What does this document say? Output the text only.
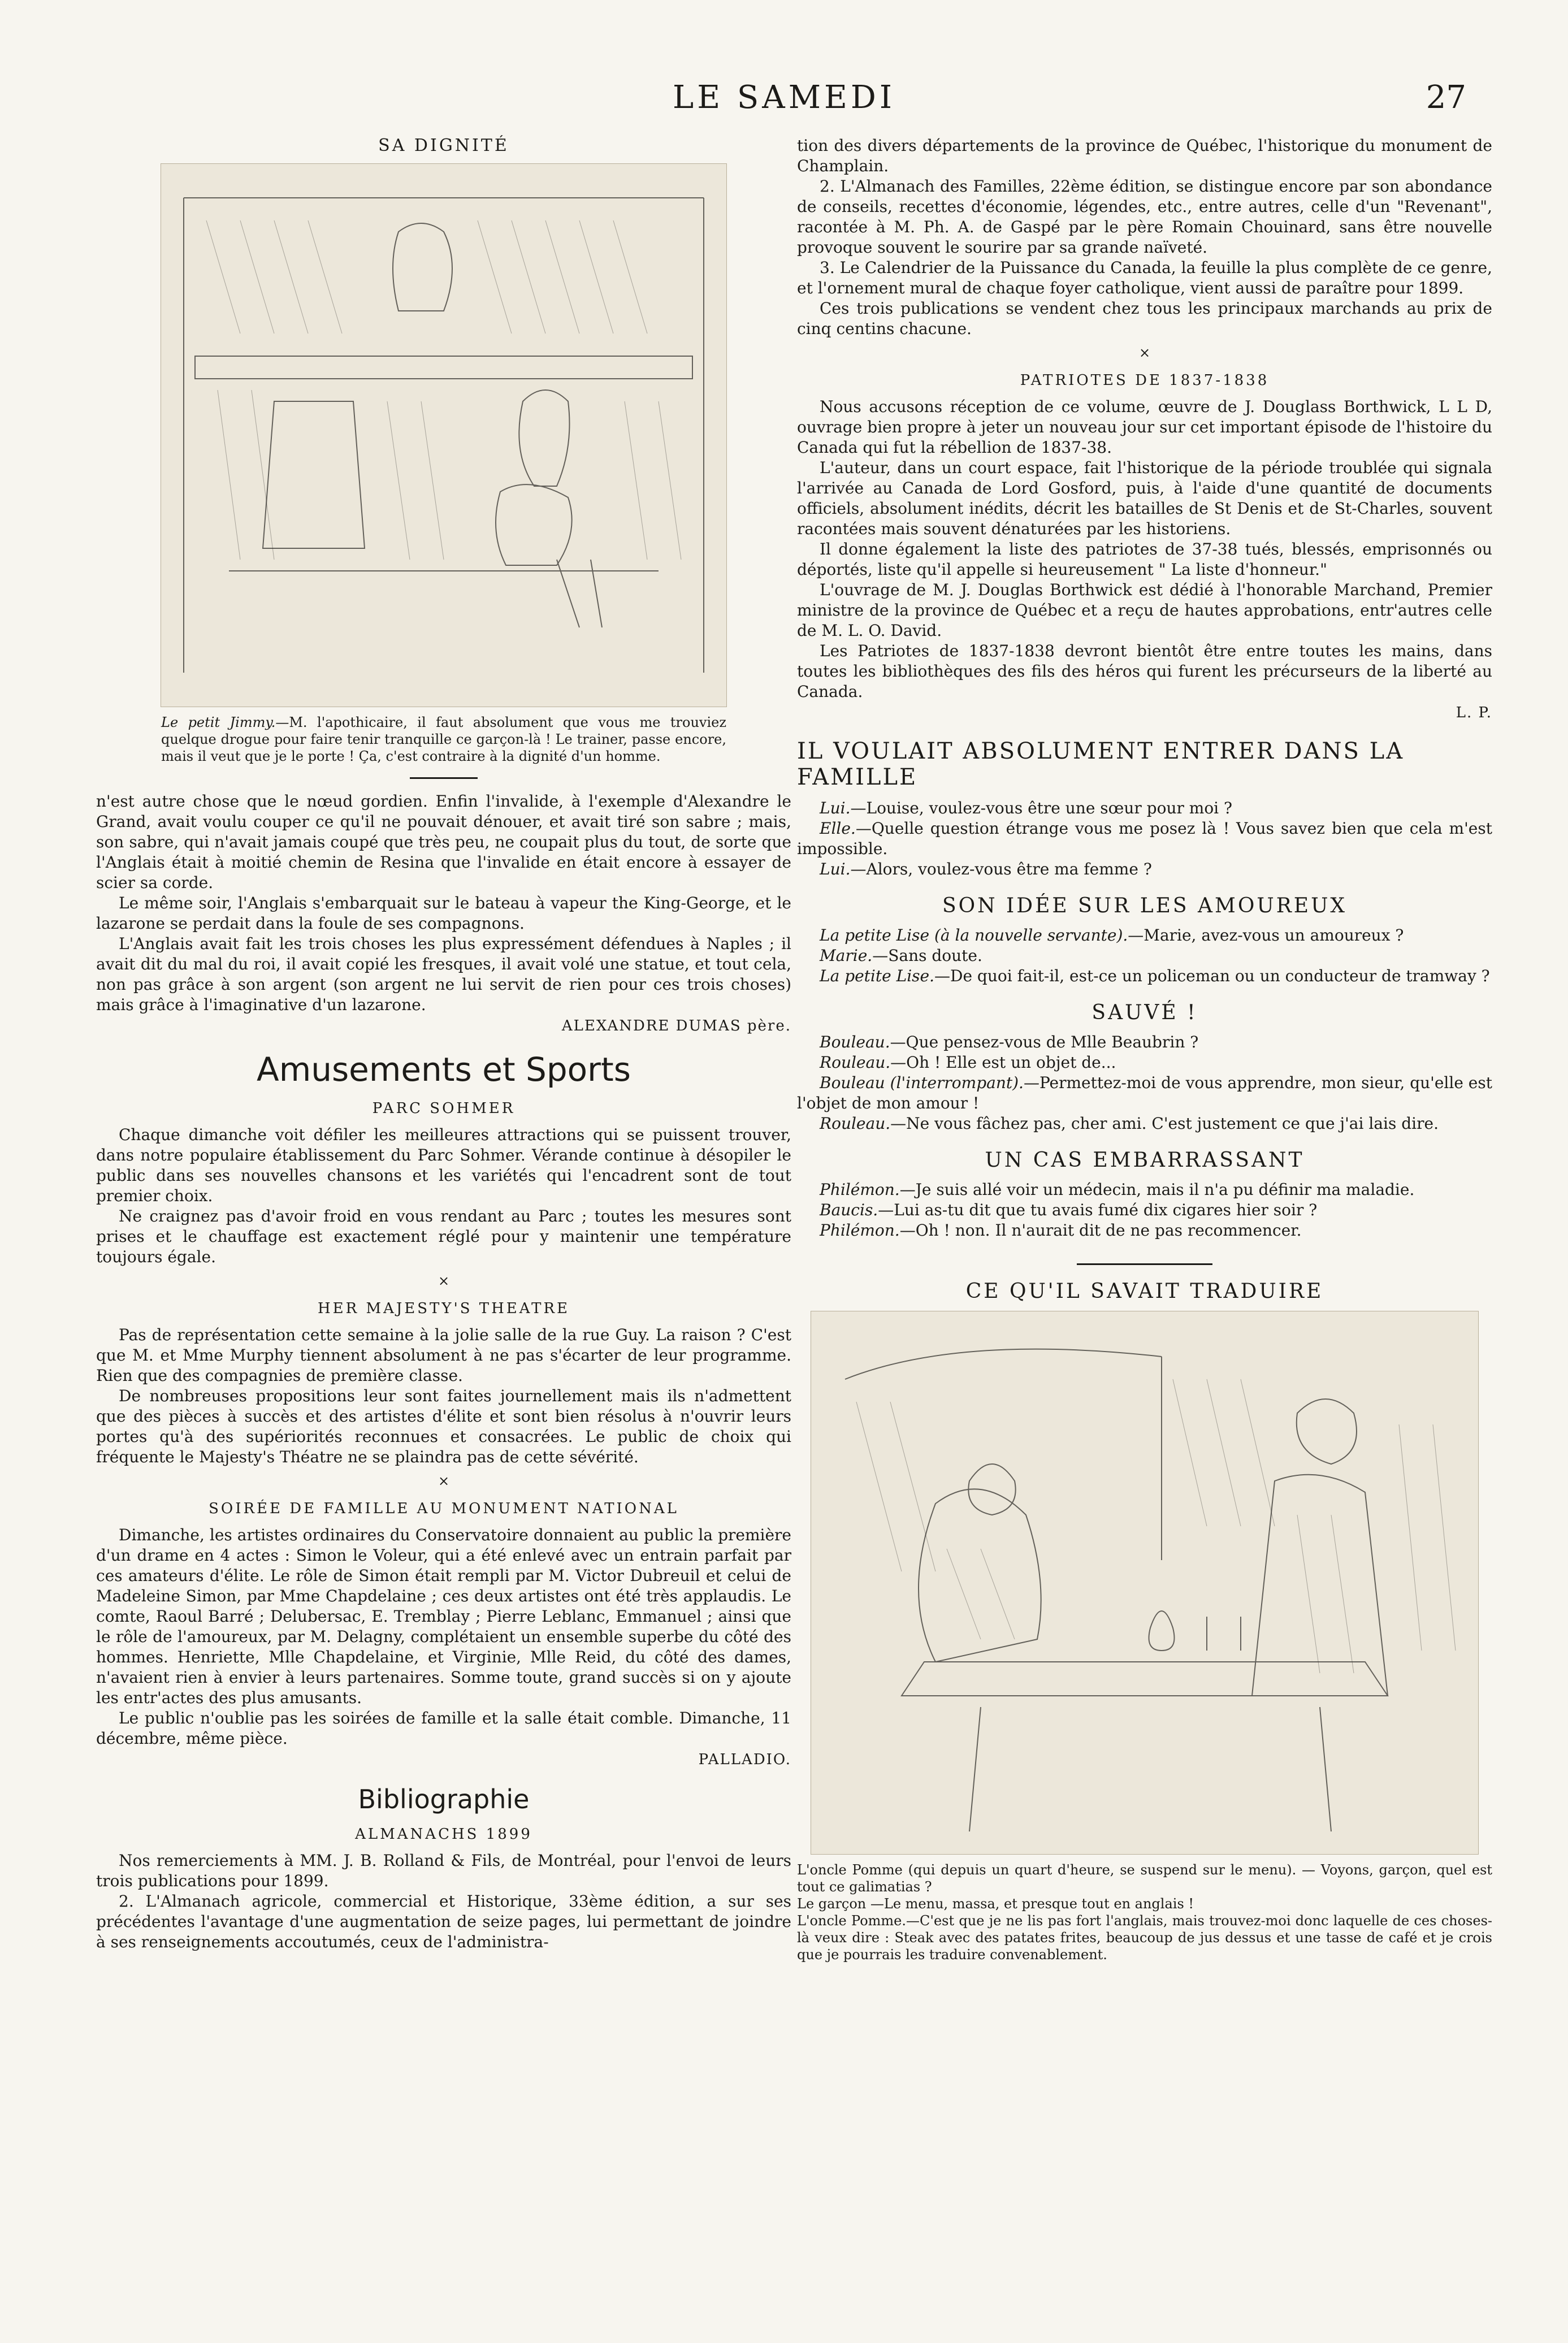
LE SAMEDI	27
SA DIGNITÉ
Le petit Jimmy.—M. l'apothicaire, il faut absolument que vous me trouviez quelque drogue pour faire tenir tranquille ce garçon-là ! Le trainer, passe encore, mais il veut que je le porte ! Ça, c'est contraire à la dignité d'un homme.

n'est autre chose que le nœud gordien. Enfin l'invalide, à l'exemple d'Alexandre le Grand, avait voulu couper ce qu'il ne pouvait dénouer, et avait tiré son sabre ; mais, son sabre, qui n'avait jamais coupé que très peu, ne coupait plus du tout, de sorte que l'Anglais était à moitié chemin de Resina que l'invalide en était encore à essayer de scier sa corde.

Le même soir, l'Anglais s'embarquait sur le bateau à vapeur the King-George, et le lazarone se perdait dans la foule de ses compagnons.

L'Anglais avait fait les trois choses les plus expressément défendues à Naples ; il avait dit du mal du roi, il avait copié les fresques, il avait volé une statue, et tout cela, non pas grâce à son argent (son argent ne lui servit de rien pour ces trois choses) mais grâce à l'imaginative d'un lazarone.

ALEXANDRE DUMAS père.
Amusements et Sports
PARC SOHMER

Chaque dimanche voit défiler les meilleures attractions qui se puissent trouver, dans notre populaire établissement du Parc Sohmer. Vérande continue à désopiler le public dans ses nouvelles chansons et les variétés qui l'encadrent sont de tout premier choix.

Ne craignez pas d'avoir froid en vous rendant au Parc ; toutes les mesures sont prises et le chauffage est exactement réglé pour y maintenir une température toujours égale.

×
HER MAJESTY'S THEATRE

Pas de représentation cette semaine à la jolie salle de la rue Guy. La raison ? C'est que M. et Mme Murphy tiennent absolument à ne pas s'écarter de leur programme. Rien que des compagnies de première classe.

De nombreuses propositions leur sont faites journellement mais ils n'admettent que des pièces à succès et des artistes d'élite et sont bien résolus à n'ouvrir leurs portes qu'à des supériorités reconnues et consacrées. Le public de choix qui fréquente le Majesty's Théatre ne se plaindra pas de cette sévérité.

×
SOIRÉE DE FAMILLE AU MONUMENT NATIONAL

Dimanche, les artistes ordinaires du Conservatoire donnaient au public la première d'un drame en 4 actes : Simon le Voleur, qui a été enlevé avec un entrain parfait par ces amateurs d'élite. Le rôle de Simon était rempli par M. Victor Dubreuil et celui de Madeleine Simon, par Mme Chapdelaine ; ces deux artistes ont été très applaudis. Le comte, Raoul Barré ; Delubersac, E. Tremblay ; Pierre Leblanc, Emmanuel ; ainsi que le rôle de l'amoureux, par M. Delagny, complétaient un ensemble superbe du côté des hommes. Henriette, Mlle Chapdelaine, et Virginie, Mlle Reid, du côté des dames, n'avaient rien à envier à leurs partenaires. Somme toute, grand succès si on y ajoute les entr'actes des plus amusants.

Le public n'oublie pas les soirées de famille et la salle était comble. Dimanche, 11 décembre, même pièce.

PALLADIO.
Bibliographie
ALMANACHS 1899

Nos remerciements à MM. J. B. Rolland & Fils, de Montréal, pour l'envoi de leurs trois publications pour 1899.

2. L'Almanach agricole, commercial et Historique, 33ème édition, a sur ses précédentes l'avantage d'une augmentation de seize pages, lui permettant de joindre à ses renseignements accoutumés, ceux de l'administra-

tion des divers départements de la province de Québec, l'historique du monument de Champlain.

2. L'Almanach des Familles, 22ème édition, se distingue encore par son abondance de conseils, recettes d'économie, légendes, etc., entre autres, celle d'un "Revenant", racontée à M. Ph. A. de Gaspé par le père Romain Chouinard, sans être nouvelle provoque souvent le sourire par sa grande naïveté.

3. Le Calendrier de la Puissance du Canada, la feuille la plus complète de ce genre, et l'ornement mural de chaque foyer catholique, vient aussi de paraître pour 1899.

Ces trois publications se vendent chez tous les principaux marchands au prix de cinq centins chacune.

×
PATRIOTES DE 1837-1838

Nous accusons réception de ce volume, œuvre de J. Douglass Borthwick, L L D, ouvrage bien propre à jeter un nouveau jour sur cet important épisode de l'histoire du Canada qui fut la rébellion de 1837-38.

L'auteur, dans un court espace, fait l'historique de la période troublée qui signala l'arrivée au Canada de Lord Gosford, puis, à l'aide d'une quantité de documents officiels, absolument inédits, décrit les batailles de St Denis et de St-Charles, souvent racontées mais souvent dénaturées par les historiens.

Il donne également la liste des patriotes de 37-38 tués, blessés, emprisonnés ou déportés, liste qu'il appelle si heureusement " La liste d'honneur."

L'ouvrage de M. J. Douglas Borthwick est dédié à l'honorable Marchand, Premier ministre de la province de Québec et a reçu de hautes approbations, entr'autres celle de M. L. O. David.

Les Patriotes de 1837-1838 devront bientôt être entre toutes les mains, dans toutes les bibliothèques des fils des héros qui furent les précurseurs de la liberté au Canada.

L. P.
IL VOULAIT ABSOLUMENT ENTRER DANS LA FAMILLE

Lui.—Louise, voulez-vous être une sœur pour moi ?

Elle.—Quelle question étrange vous me posez là ! Vous savez bien que cela m'est impossible.

Lui.—Alors, voulez-vous être ma femme ?

SON IDÉE SUR LES AMOUREUX

La petite Lise (à la nouvelle servante).—Marie, avez-vous un amoureux ?

Marie.—Sans doute.

La petite Lise.—De quoi fait-il, est-ce un policeman ou un conducteur de tramway ?

SAUVÉ !

Bouleau.—Que pensez-vous de Mlle Beaubrin ?

Rouleau.—Oh ! Elle est un objet de...

Bouleau (l'interrompant).—Permettez-moi de vous apprendre, mon sieur, qu'elle est l'objet de mon amour !

Rouleau.—Ne vous fâchez pas, cher ami. C'est justement ce que j'ai lais dire.

UN CAS EMBARRASSANT

Philémon.—Je suis allé voir un médecin, mais il n'a pu définir ma maladie.

Baucis.—Lui as-tu dit que tu avais fumé dix cigares hier soir ?

Philémon.—Oh ! non. Il n'aurait dit de ne pas recommencer.

CE QU'IL SAVAIT TRADUIRE

L'oncle Pomme (qui depuis un quart d'heure, se suspend sur le menu). — Voyons, garçon, quel est tout ce galimatias ?

Le garçon —Le menu, massa, et presque tout en anglais !

L'oncle Pomme.—C'est que je ne lis pas fort l'anglais, mais trouvez-moi donc laquelle de ces choses-là veux dire : Steak avec des patates frites, beaucoup de jus dessus et une tasse de café et je crois que je pourrais les traduire convenablement.
